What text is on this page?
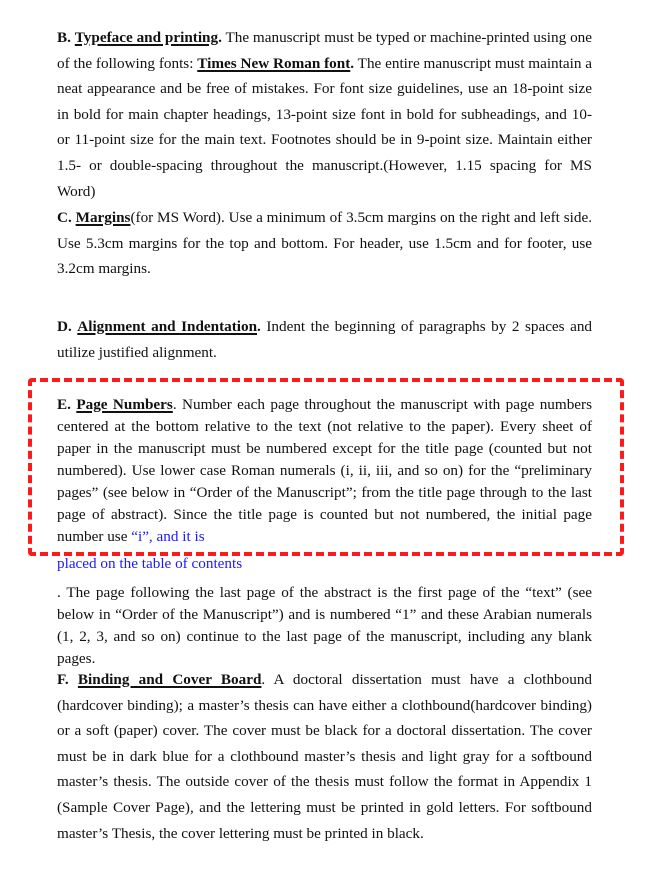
B. Typeface and printing. The manuscript must be typed or machine-printed using one of the following fonts: Times New Roman font. The entire manuscript must maintain a neat appearance and be free of mistakes. For font size guidelines, use an 18-point size in bold for main chapter headings, 13-point size font in bold for subheadings, and 10- or 11-point size for the main text. Footnotes should be in 9-point size. Maintain either 1.5- or double-spacing throughout the manuscript.(However, 1.15 spacing for MS Word)

C. Margins(for MS Word). Use a minimum of 3.5cm margins on the right and left side. Use 5.3cm margins for the top and bottom. For header, use 1.5cm and for footer, use 3.2cm margins.

D. Alignment and Indentation. Indent the beginning of paragraphs by 2 spaces and utilize justified alignment.

E. Page Numbers. Number each page throughout the manuscript with page numbers centered at the bottom relative to the text (not relative to the paper). Every sheet of paper in the manuscript must be numbered except for the title page (counted but not numbered). Use lower case Roman numerals (i, ii, iii, and so on) for the “preliminary pages” (see below in “Order of the Manuscript”; from the title page through to the last page of abstract). Since the title page is counted but not numbered, the initial page number use “i”, and it is
placed on the table of contents

. The page following the last page of the abstract is the first page of the “text” (see below in “Order of the Manuscript”) and is numbered “1” and these Arabian numerals (1, 2, 3, and so on) continue to the last page of the manuscript, including any blank pages.

F. Binding and Cover Board. A doctoral dissertation must have a clothbound (hardcover binding); a master’s thesis can have either a clothbound(hardcover binding) or a soft (paper) cover. The cover must be black for a doctoral dissertation. The cover must be in dark blue for a clothbound master’s thesis and light gray for a softbound master’s thesis. The outside cover of the thesis must follow the format in Appendix 1 (Sample Cover Page), and the lettering must be printed in gold letters. For softbound master’s Thesis, the cover lettering must be printed in black.
